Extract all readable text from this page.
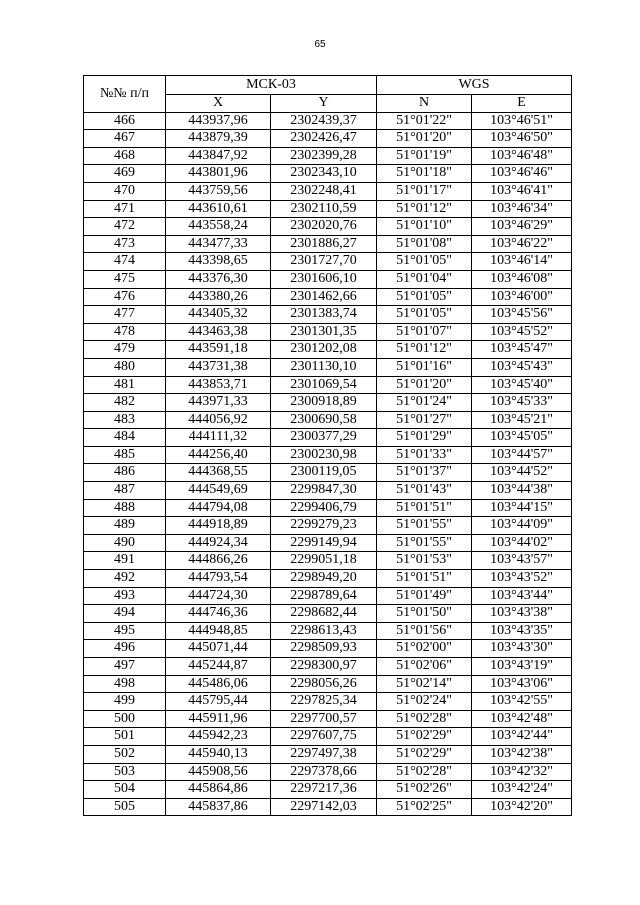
65
№№ п/п	МСК-03		WGS	
	X	Y	N	E
466	443937,96	2302439,37	51°01'22"	103°46'51"
467	443879,39	2302426,47	51°01'20"	103°46'50"
468	443847,92	2302399,28	51°01'19"	103°46'48"
469	443801,96	2302343,10	51°01'18"	103°46'46"
470	443759,56	2302248,41	51°01'17"	103°46'41"
471	443610,61	2302110,59	51°01'12"	103°46'34"
472	443558,24	2302020,76	51°01'10"	103°46'29"
473	443477,33	2301886,27	51°01'08"	103°46'22"
474	443398,65	2301727,70	51°01'05"	103°46'14"
475	443376,30	2301606,10	51°01'04"	103°46'08"
476	443380,26	2301462,66	51°01'05"	103°46'00"
477	443405,32	2301383,74	51°01'05"	103°45'56"
478	443463,38	2301301,35	51°01'07"	103°45'52"
479	443591,18	2301202,08	51°01'12"	103°45'47"
480	443731,38	2301130,10	51°01'16"	103°45'43"
481	443853,71	2301069,54	51°01'20"	103°45'40"
482	443971,33	2300918,89	51°01'24"	103°45'33"
483	444056,92	2300690,58	51°01'27"	103°45'21"
484	444111,32	2300377,29	51°01'29"	103°45'05"
485	444256,40	2300230,98	51°01'33"	103°44'57"
486	444368,55	2300119,05	51°01'37"	103°44'52"
487	444549,69	2299847,30	51°01'43"	103°44'38"
488	444794,08	2299406,79	51°01'51"	103°44'15"
489	444918,89	2299279,23	51°01'55"	103°44'09"
490	444924,34	2299149,94	51°01'55"	103°44'02"
491	444866,26	2299051,18	51°01'53"	103°43'57"
492	444793,54	2298949,20	51°01'51"	103°43'52"
493	444724,30	2298789,64	51°01'49"	103°43'44"
494	444746,36	2298682,44	51°01'50"	103°43'38"
495	444948,85	2298613,43	51°01'56"	103°43'35"
496	445071,44	2298509,93	51°02'00"	103°43'30"
497	445244,87	2298300,97	51°02'06"	103°43'19"
498	445486,06	2298056,26	51°02'14"	103°43'06"
499	445795,44	2297825,34	51°02'24"	103°42'55"
500	445911,96	2297700,57	51°02'28"	103°42'48"
501	445942,23	2297607,75	51°02'29"	103°42'44"
502	445940,13	2297497,38	51°02'29"	103°42'38"
503	445908,56	2297378,66	51°02'28"	103°42'32"
504	445864,86	2297217,36	51°02'26"	103°42'24"
505	445837,86	2297142,03	51°02'25"	103°42'20"
